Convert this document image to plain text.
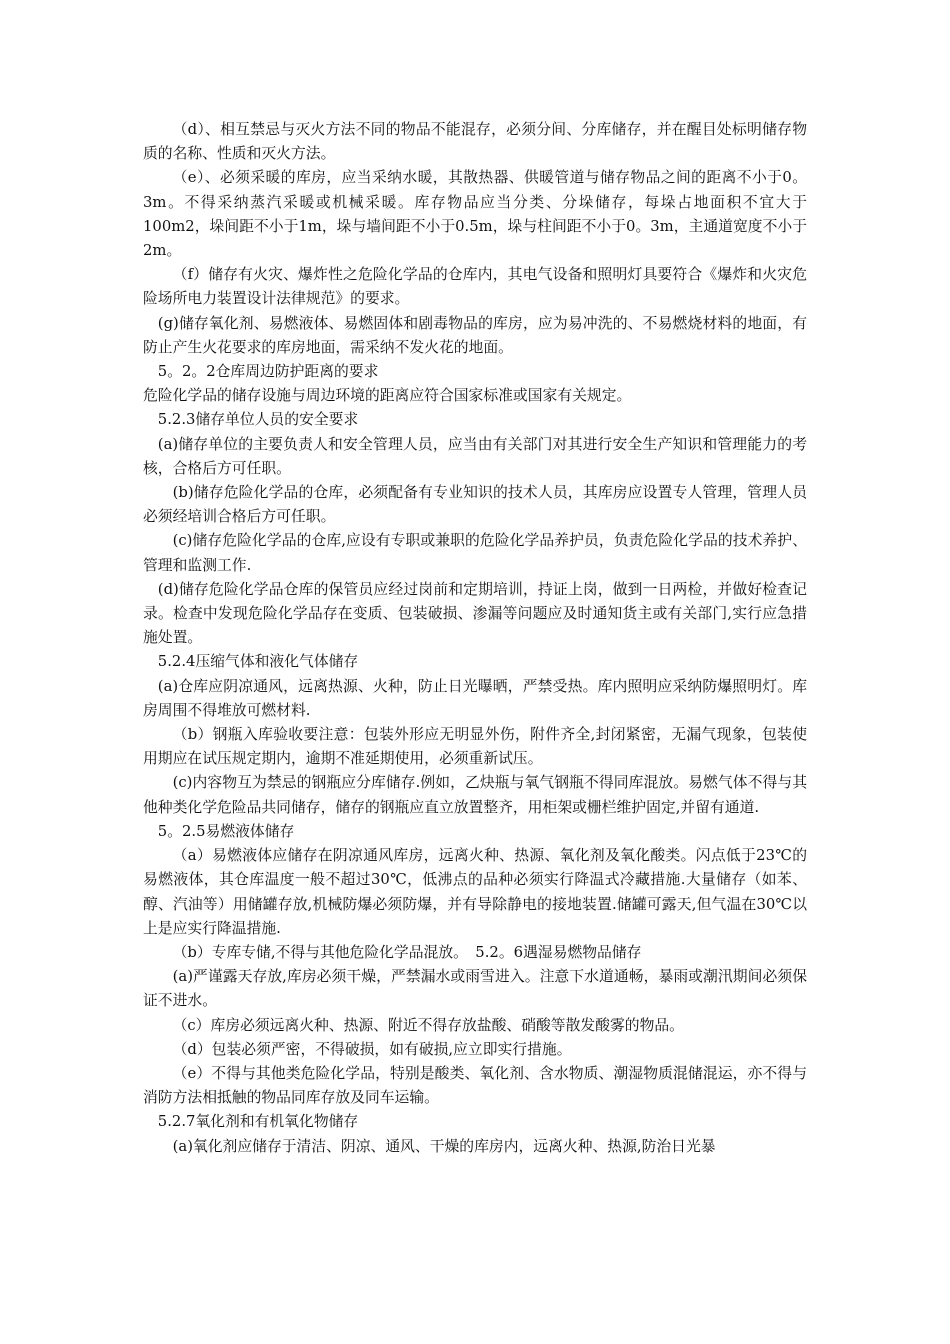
（d）、相互禁忌与灭火方法不同的物品不能混存，必须分间、分库储存，并在醒目处标明储存物质的名称、性质和灭火方法。

（e）、必须采暖的库房，应当采纳水暖，其散热器、供暖管道与储存物品之间的距离不小于0。3m。不得采纳蒸汽采暖或机械采暖。库存物品应当分类、分垛储存，每垛占地面积不宜大于100m2，垛间距不小于1m，垛与墙间距不小于0.5m，垛与柱间距不小于0。3m，主通道宽度不小于2m。

（f）储存有火灾、爆炸性之危险化学品的仓库内，其电气设备和照明灯具要符合《爆炸和火灾危险场所电力装置设计法律规范》的要求。

(g)储存氧化剂、易燃液体、易燃固体和剧毒物品的库房，应为易冲洗的、不易燃烧材料的地面，有防止产生火花要求的库房地面，需采纳不发火花的地面。

5。2。2仓库周边防护距离的要求

危险化学品的储存设施与周边环境的距离应符合国家标准或国家有关规定。

5.2.3储存单位人员的安全要求

(a)储存单位的主要负责人和安全管理人员，应当由有关部门对其进行安全生产知识和管理能力的考核，合格后方可任职。

(b)储存危险化学品的仓库，必须配备有专业知识的技术人员，其库房应设置专人管理，管理人员必须经培训合格后方可任职。

(c)储存危险化学品的仓库,应设有专职或兼职的危险化学品养护员，负责危险化学品的技术养护、管理和监测工作.

(d)储存危险化学品仓库的保管员应经过岗前和定期培训，持证上岗，做到一日两检，并做好检查记录。检查中发现危险化学品存在变质、包装破损、渗漏等问题应及时通知货主或有关部门,实行应急措施处置。

5.2.4压缩气体和液化气体储存

(a)仓库应阴凉通风，远离热源、火种，防止日光曝晒，严禁受热。库内照明应采纳防爆照明灯。库房周围不得堆放可燃材料.

（b）钢瓶入库验收要注意：包装外形应无明显外伤，附件齐全,封闭紧密，无漏气现象，包装使用期应在试压规定期内，逾期不准延期使用，必须重新试压。

(c)内容物互为禁忌的钢瓶应分库储存.例如，乙炔瓶与氧气钢瓶不得同库混放。易燃气体不得与其他种类化学危险品共同储存，储存的钢瓶应直立放置整齐，用柜架或栅栏维护固定,并留有通道.

5。2.5易燃液体储存

（a）易燃液体应储存在阴凉通风库房，远离火种、热源、氧化剂及氧化酸类。闪点低于23℃的易燃液体，其仓库温度一般不超过30℃，低沸点的品种必须实行降温式冷藏措施.大量储存（如苯、醇、汽油等）用储罐存放,机械防爆必须防爆，并有导除静电的接地装置.储罐可露天,但气温在30℃以上是应实行降温措施.

（b）专库专储,不得与其他危险化学品混放。　5.2。6遇湿易燃物品储存

(a)严谨露天存放,库房必须干燥，严禁漏水或雨雪进入。注意下水道通畅，暴雨或潮汛期间必须保证不进水。

（c）库房必须远离火种、热源、附近不得存放盐酸、硝酸等散发酸雾的物品。

（d）包装必须严密，不得破损，如有破损,应立即实行措施。

（e）不得与其他类危险化学品，特别是酸类、氧化剂、含水物质、潮湿物质混储混运，亦不得与消防方法相抵触的物品同库存放及同车运输。

5.2.7氧化剂和有机氧化物储存

(a)氧化剂应储存于清洁、阴凉、通风、干燥的库房内，远离火种、热源,防治日光暴
